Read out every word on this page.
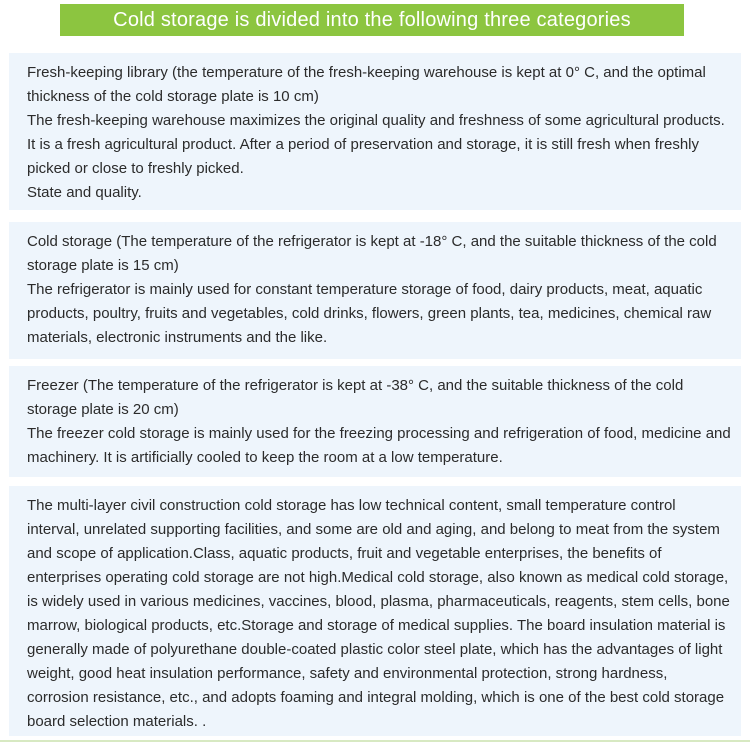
Cold storage is divided into the following three categories

Fresh-keeping library (the temperature of the fresh-keeping warehouse is kept at 0° C, and the optimal thickness of the cold storage plate is 10 cm)

The fresh-keeping warehouse maximizes the original quality and freshness of some agricultural products. It is a fresh agricultural product. After a period of preservation and storage, it is still fresh when freshly picked or close to freshly picked.

State and quality.

Cold storage (The temperature of the refrigerator is kept at -18° C, and the suitable thickness of the cold storage plate is 15 cm)

The refrigerator is mainly used for constant temperature storage of food, dairy products, meat, aquatic products, poultry, fruits and vegetables, cold drinks, flowers, green plants, tea, medicines, chemical raw materials, electronic instruments and the like.

Freezer (The temperature of the refrigerator is kept at -38° C, and the suitable thickness of the cold storage plate is 20 cm)

The freezer cold storage is mainly used for the freezing processing and refrigeration of food, medicine and machinery. It is artificially cooled to keep the room at a low temperature.

The multi-layer civil construction cold storage has low technical content, small temperature control interval, unrelated supporting facilities, and some are old and aging, and belong to meat from the system and scope of application.Class, aquatic products, fruit and vegetable enterprises, the benefits of enterprises operating cold storage are not high.Medical cold storage, also known as medical cold storage, is widely used in various medicines, vaccines, blood, plasma, pharmaceuticals, reagents, stem cells, bone marrow, biological products, etc.Storage and storage of medical supplies. The board insulation material is generally made of polyurethane double-coated plastic color steel plate, which has the advantages of light weight, good heat insulation performance, safety and environmental protection, strong hardness, corrosion resistance, etc., and adopts foaming and integral molding, which is one of the best cold storage board selection materials. .
